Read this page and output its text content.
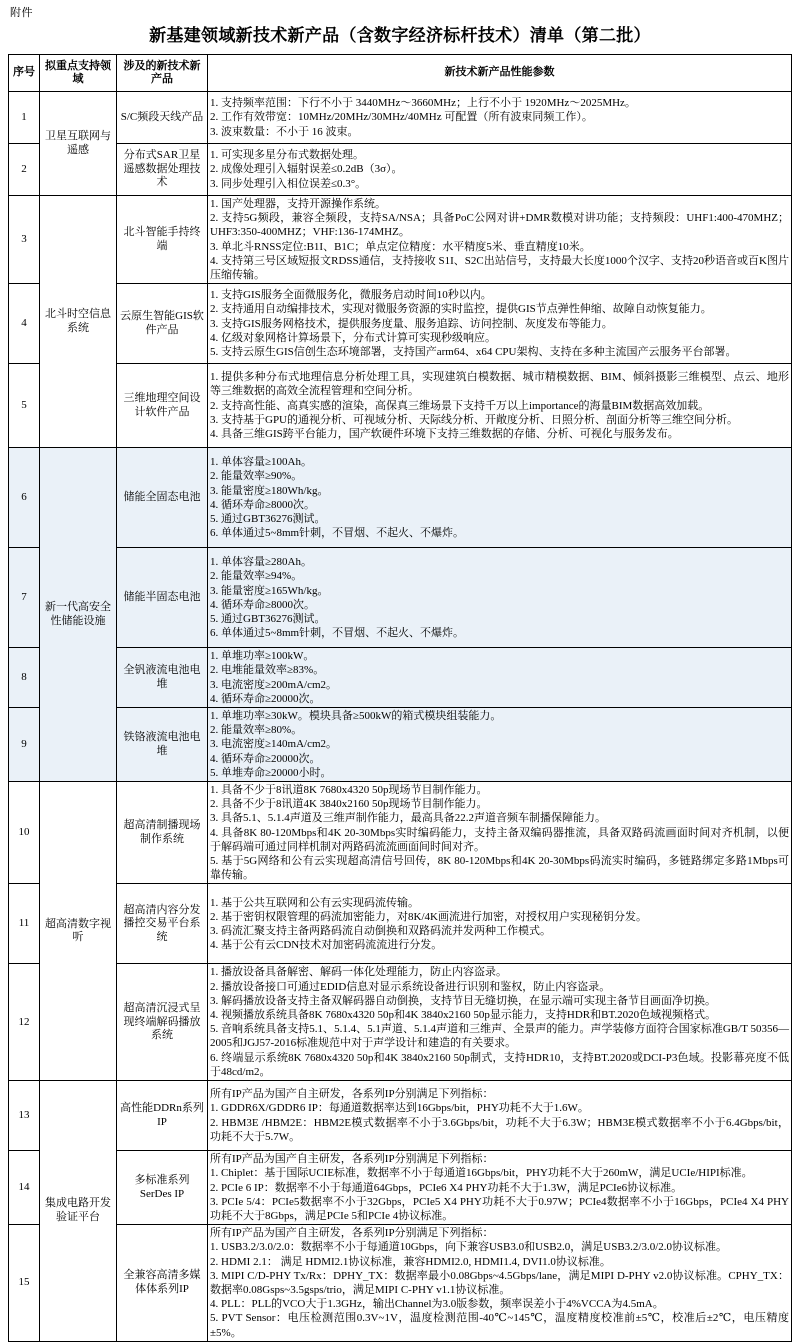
附件
新基建领域新技术新产品（含数字经济标杆技术）清单（第二批）
序号	拟重点支持领域	涉及的新技术新产品	新技术新产品性能参数
1	卫星互联网与遥感	S/C频段天线产品	
1. 支持频率范围：下行不小于 3440MHz～3660MHz；上行不小于 1920MHz～2025MHz。
2. 工作有效带宽：10MHz/20MHz/30MHz/40MHz 可配置（所有波束同频工作）。
3. 波束数量：不小于 16 波束。

2	分布式SAR卫星遥感数据处理技术	
1. 可实现多星分布式数据处理。
2. 成像处理引入辐射误差≤0.2dB（3σ）。
3. 同步处理引入相位误差≤0.3°。

3	北斗时空信息系统	北斗智能手持终端	
1. 国产处理器，支持开源操作系统。
2. 支持5G频段，兼容全频段，支持SA/NSA；具备PoC公网对讲+DMR数模对讲功能；支持频段：UHF1:400-470MHZ；UHF3:350-400MHZ；VHF:136-174MHZ。
3. 单北斗RNSS定位:B1I、B1C；单点定位精度：水平精度5米、垂直精度10米。
4. 支持第三号区域短报文RDSS通信，支持接收 S1I、S2C出站信号，支持最大长度1000个汉字、支持20秒语音或百K图片压缩传输。

4	云原生智能GIS软件产品	
1. 支持GIS服务全面微服务化，微服务启动时间10秒以内。
2. 支持通用自动编排技术，实现对微服务资源的实时监控，提供GIS节点弹性伸缩、故障自动恢复能力。
3. 支持GIS服务网格技术，提供服务度量、服务追踪、访问控制、灰度发布等能力。
4. 亿级对象网格计算场景下，分布式计算可实现秒级响应。
5. 支持云原生GIS信创生态环境部署，支持国产arm64、x64 CPU架构、支持在多种主流国产云服务平台部署。

5	三维地理空间设计软件产品	
1. 提供多种分布式地理信息分析处理工具，实现建筑白模数据、城市精模数据、BIM、倾斜摄影三维模型、点云、地形等三维数据的高效全流程管理和空间分析。
2. 支持高性能、高真实感的渲染，高保真三维场景下支持千万以上importance的海量BIM数据高效加载。
3. 支持基于GPU的通视分析、可视域分析、天际线分析、开敞度分析、日照分析、剖面分析等三维空间分析。
4. 具备三维GIS跨平台能力，国产软硬件环境下支持三维数据的存储、分析、可视化与服务发布。

6	新一代高安全性储能设施	储能全固态电池	
1. 单体容量≥100Ah。
2. 能量效率≥90%。
3. 能量密度≥180Wh/kg。
4. 循环寿命≥8000次。
5. 通过GBT36276测试。
6. 单体通过5~8mm针刺，不冒烟、不起火、不爆炸。

7	储能半固态电池	
1. 单体容量≥280Ah。
2. 能量效率≥94%。
3. 能量密度≥165Wh/kg。
4. 循环寿命≥8000次。
5. 通过GBT36276测试。
6. 单体通过5~8mm针刺，不冒烟、不起火、不爆炸。

8	全钒液流电池电堆	
1. 单堆功率≥100kW。
2. 电堆能量效率≥83%。
3. 电流密度≥200mA/cm2。
4. 循环寿命≥20000次。

9	铁铬液流电池电堆	
1. 单堆功率≥30kW。模块具备≥500kW的箱式模块组装能力。
2. 能量效率≥80%。
3. 电流密度≥140mA/cm2。
4. 循环寿命≥20000次。
5. 单堆寿命≥20000小时。

10	超高清数字视听	超高清制播现场制作系统	
1. 具备不少于8讯道8K 7680x4320 50p现场节目制作能力。
2. 具备不少于8讯道4K 3840x2160 50p现场节目制作能力。
3. 具备5.1、5.1.4声道及三维声制作能力，最高具备22.2声道音频车制播保障能力。
4. 具备8K 80-120Mbps和4K 20-30Mbps实时编码能力，支持主备双编码器推流，具备双路码流画面时间对齐机制，以便于解码端可通过同样机制对两路码流流画面间时间对齐。
5. 基于5G网络和公有云实现超高清信号回传，8K 80-120Mbps和4K 20-30Mbps码流实时编码，多链路绑定多路1Mbps可靠传输。

11	超高清内容分发播控交易平台系统	
1. 基于公共互联网和公有云实现码流传输。
2. 基于密钥权限管理的码流加密能力，对8K/4K画流进行加密，对授权用户实现秘钥分发。
3. 码流汇聚支持主备两路码流自动倒换和双路码流并发两种工作模式。
4. 基于公有云CDN技术对加密码流流进行分发。

12	超高清沉浸式呈现终端解码播放系统	
1. 播放设备具备解密、解码一体化处理能力，防止内容盗录。
2. 播放设备接口可通过EDID信息对显示系统设备进行识别和鉴权，防止内容盗录。
3. 解码播放设备支持主备双解码器自动倒换，支持节目无缝切换，在显示端可实现主备节目画面净切换。
4. 视频播放系统具备8K 7680x4320 50p和4K 3840x2160 50p显示能力，支持HDR和BT.2020色域视频格式。
5. 音响系统具备支持5.1、5.1.4、5.1声道、5.1.4声道和三维声、全景声的能力。声学装修方面符合国家标准GB/T 50356—2005和JGJ57-2016标准规范中对于声学设计和建造的有关要求。
6. 终端显示系统8K 7680x4320 50p和4K 3840x2160 50p制式，支持HDR10，支持BT.2020或DCI-P3色域。投影幕亮度不低于48cd/m2。

13	集成电路开发验证平台	高性能DDRn系列IP	
所有IP产品为国产自主研发，各系列IP分别满足下列指标：
1. GDDR6X/GDDR6 IP：每通道数据率达到16Gbps/bit，PHY功耗不大于1.6W。
2. HBM3E /HBM2E：HBM2E模式数据率不小于3.6Gbps/bit，功耗不大于6.3W；HBM3E模式数据率不小于6.4Gbps/bit，功耗不大于5.7W。

14	多标准系列SerDes IP	
所有IP产品为国产自主研发，各系列IP分别满足下列指标：
1. Chiplet：基于国际UCIE标准，数据率不小于每通道16Gbps/bit，PHY功耗不大于260mW，满足UCIe/HIPI标准。
2. PCIe 6 IP：数据率不小于每通道64Gbps，PCIe6 X4 PHY功耗不大于1.3W，满足PCIe6协议标准。
3. PCIe 5/4：PCIe5数据率不小于32Gbps，PCIe5 X4 PHY功耗不大于0.97W；PCIe4数据率不小于16Gbps，PCIe4 X4 PHY功耗不大于8Gbps，满足PCIe 5和PCIe 4协议标准。

15	全兼容高清多媒体体系列IP	
所有IP产品为国产自主研发，各系列IP分别满足下列指标：
1. USB3.2/3.0/2.0：数据率不小于每通道10Gbps，向下兼容USB3.0和USB2.0，满足USB3.2/3.0/2.0协议标准。
2. HDMI 2.1： 满足 HDMI2.1协议标准，兼容HDMI2.0, HDMI1.4, DVI1.0协议标准。
3. MIPI C/D-PHY Tx/Rx：DPHY_TX：数据率最小0.08Gbps~4.5Gbps/lane，满足MIPI D-PHY v2.0协议标准。CPHY_TX：数据率0.08Gsps~3.5gsps/trio，满足MIPI C-PHY v1.1协议标准。
4. PLL：PLL的VCO大于1.3GHz，输出Channel为3.0版参数，频率误差小于4%VCCA为4.5mA。
5. PVT Sensor：电压检测范围0.3V~1V，温度检测范围-40℃~145℃，温度精度校准前±5℃，校准后±2℃，电压精度±5%。
